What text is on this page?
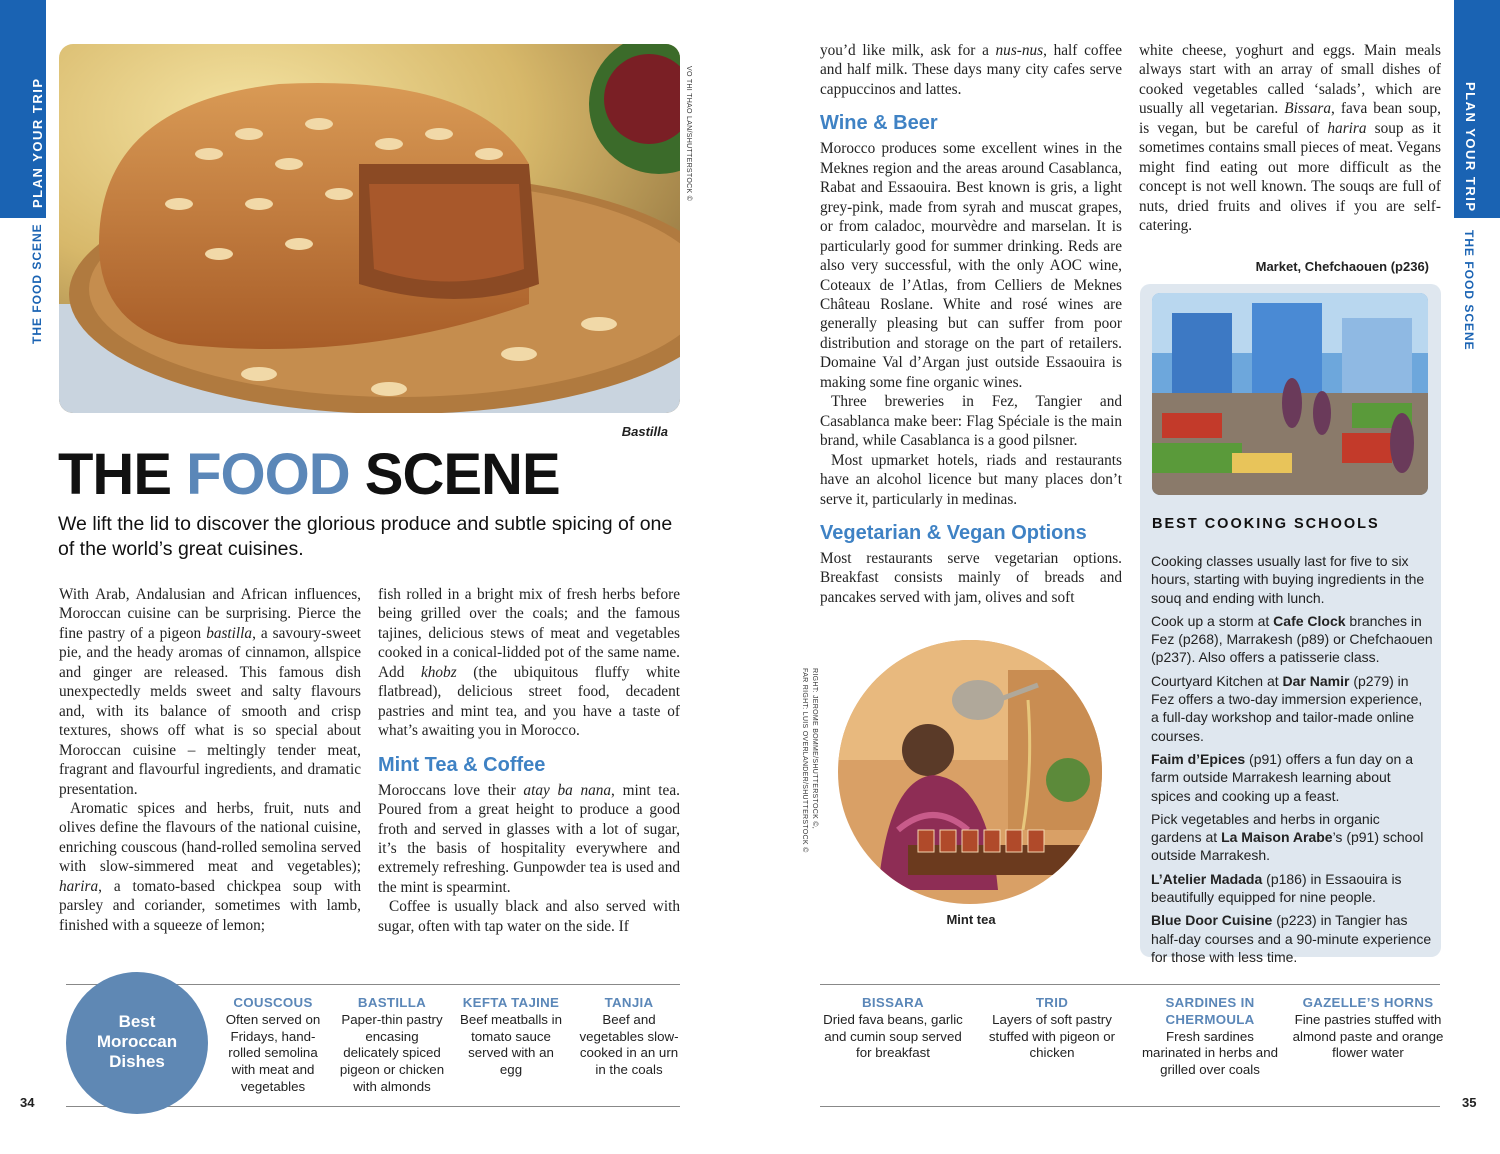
PLAN YOUR TRIP
THE FOOD SCENE
PLAN YOUR TRIP
THE FOOD SCENE
VO THI THAO LAN/SHUTTERSTOCK ©
Bastilla
THE FOOD SCENE
We lift the lid to discover the glorious produce and subtle spicing of one of the world’s great cuisines.

With Arab, Andalusian and African influences, Moroccan cuisine can be surprising. Pierce the fine pastry of a pigeon bastilla, a savoury-sweet pie, and the heady aromas of cinnamon, allspice and ginger are released. This famous dish unexpectedly melds sweet and salty flavours and, with its balance of smooth and crisp textures, shows off what is so special about Moroccan cuisine – meltingly tender meat, fragrant and flavourful ingredients, and dramatic presentation.

Aromatic spices and herbs, fruit, nuts and olives define the flavours of the national cuisine, enriching couscous (hand-rolled semolina served with slow-simmered meat and vegetables); harira, a tomato-based chickpea soup with parsley and coriander, sometimes with lamb, finished with a squeeze of lemon;

fish rolled in a bright mix of fresh herbs before being grilled over the coals; and the famous tajines, delicious stews of meat and vegetables cooked in a conical-lidded pot of the same name. Add khobz (the ubiquitous fluffy white flatbread), delicious street food, decadent pastries and mint tea, and you have a taste of what’s awaiting you in Morocco.

Mint Tea & Coffee

Moroccans love their atay ba nana, mint tea. Poured from a great height to produce a good froth and served in glasses with a lot of sugar, it’s the basis of hospitality everywhere and extremely refreshing. Gunpowder tea is used and the mint is spearmint.

Coffee is usually black and also served with sugar, often with tap water on the side. If

you’d like milk, ask for a nus-nus, half coffee and half milk. These days many city cafes serve cappuccinos and lattes.

Wine & Beer

Morocco produces some excellent wines in the Meknes region and the areas around Casablanca, Rabat and Essaouira. Best known is gris, a light grey-pink, made from syrah and muscat grapes, or from caladoc, mourvèdre and marselan. It is particularly good for summer drinking. Reds are also very successful, with the only AOC wine, Coteaux de l’Atlas, from Celliers de Meknes Château Roslane. White and rosé wines are generally pleasing but can suffer from poor distribution and storage on the part of retailers. Domaine Val d’Argan just outside Essaouira is making some fine organic wines.

Three breweries in Fez, Tangier and Casablanca make beer: Flag Spéciale is the main brand, while Casablanca is a good pilsner.

Most upmarket hotels, riads and restaurants have an alcohol licence but many places don’t serve it, particularly in medinas.

Vegetarian & Vegan Options

Most restaurants serve vegetarian options. Breakfast consists mainly of breads and pancakes served with jam, olives and soft

white cheese, yoghurt and eggs. Main meals always start with an array of small dishes of cooked vegetables called ‘salads’, which are usually all vegetarian. Bissara, fava bean soup, is vegan, but be careful of harira soup as it sometimes contains small pieces of meat. Vegans might find eating out more difficult as the concept is not well known. The souqs are full of nuts, dried fruits and olives if you are self-catering.

RIGHT: JEROME BOMME/SHUTTERSTOCK ©,
FAR RIGHT: LUIS OVERLANDER/SHUTTERSTOCK ©
Mint tea
Market, Chefchaouen (p236)
BEST COOKING SCHOOLS

Cooking classes usually last for five to six hours, starting with buying ingredients in the souq and ending with lunch.

Cook up a storm at Cafe Clock branches in Fez (p268), Marrakesh (p89) or Chefchaouen (p237). Also offers a patisserie class.

Courtyard Kitchen at Dar Namir (p279) in Fez offers a two-day immersion experience, a full-day workshop and tailor-made online courses.

Faim d’Epices (p91) offers a fun day on a farm outside Marrakesh learning about spices and cooking up a feast.

Pick vegetables and herbs in organic gardens at La Maison Arabe’s (p91) school outside Marrakesh.

L’Atelier Madada (p186) in Essaouira is beautifully equipped for nine people.

Blue Door Cuisine (p223) in Tangier has half-day courses and a 90-minute experience for those with less time.

Best Moroccan Dishes
COUSCOUS
Often served on Fridays, hand-rolled semolina with meat and vegetables
BASTILLA
Paper-thin pastry encasing delicately spiced pigeon or chicken with almonds
KEFTA TAJINE
Beef meatballs in tomato sauce served with an egg
TANJIA
Beef and vegetables slow-cooked in an urn in the coals
BISSARA
Dried fava beans, garlic and cumin soup served for breakfast
TRID
Layers of soft pastry stuffed with pigeon or chicken
SARDINES IN CHERMOULA
Fresh sardines marinated in herbs and grilled over coals
GAZELLE’S HORNS
Fine pastries stuffed with almond paste and orange flower water
34	35
